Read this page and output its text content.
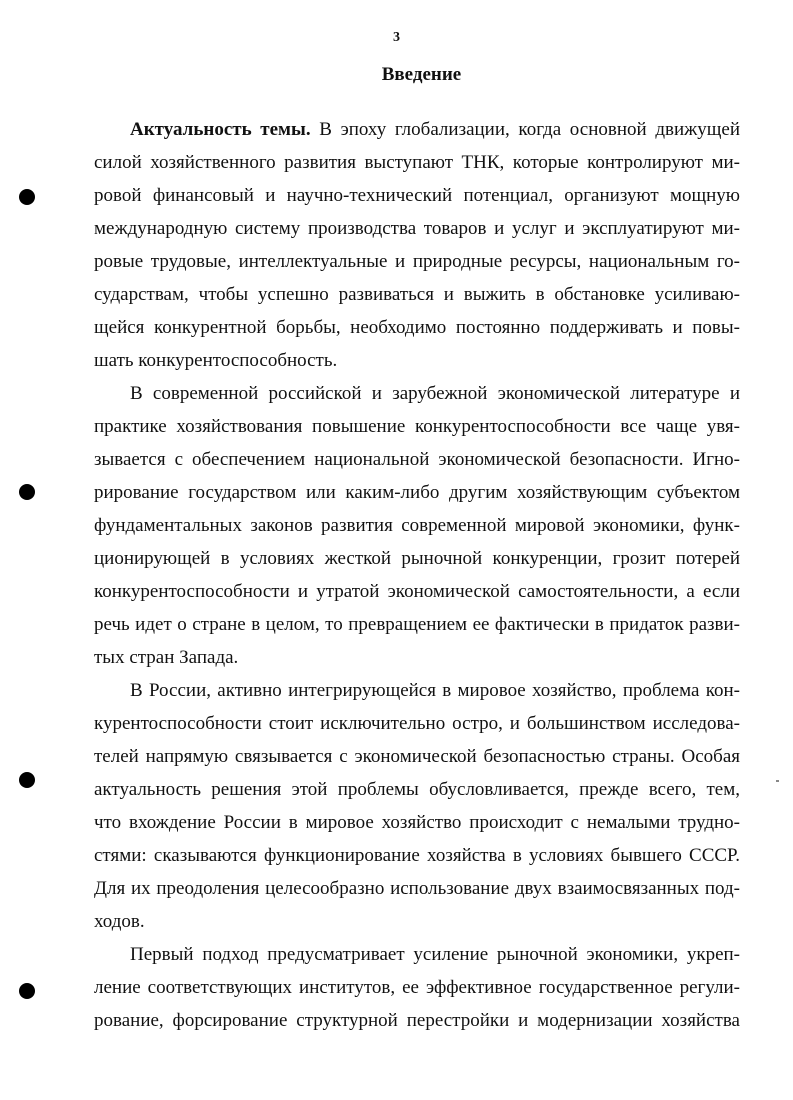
3
Введение
Актуальность темы. В эпоху глобализации, когда основной движущей
силой хозяйственного развития выступают ТНК, которые контролируют ми-
ровой финансовый и научно-технический потенциал, организуют мощную
международную систему производства товаров и услуг и эксплуатируют ми-
ровые трудовые, интеллектуальные и природные ресурсы, национальным го-
сударствам, чтобы успешно развиваться и выжить в обстановке усиливаю-
щейся конкурентной борьбы, необходимо постоянно поддерживать и повы-
шать конкурентоспособность.
В современной российской и зарубежной экономической литературе и
практике хозяйствования повышение конкурентоспособности все чаще увя-
зывается с обеспечением национальной экономической безопасности. Игно-
рирование государством или каким-либо другим хозяйствующим субъектом
фундаментальных законов развития современной мировой экономики, функ-
ционирующей в условиях жесткой рыночной конкуренции, грозит потерей
конкурентоспособности и утратой экономической самостоятельности, а если
речь идет о стране в целом, то превращением ее фактически в придаток разви-
тых стран Запада.
В России, активно интегрирующейся в мировое хозяйство, проблема кон-
курентоспособности стоит исключительно остро, и большинством исследова-
телей напрямую связывается с экономической безопасностью страны. Особая
актуальность решения этой проблемы обусловливается, прежде всего, тем,
что вхождение России в мировое хозяйство происходит с немалыми трудно-
стями: сказываются функционирование хозяйства в условиях бывшего СССР.
Для их преодоления целесообразно использование двух взаимосвязанных под-
ходов.
Первый подход предусматривает усиление рыночной экономики, укреп-
ление соответствующих институтов, ее эффективное государственное регули-
рование, форсирование структурной перестройки и модернизации хозяйства
